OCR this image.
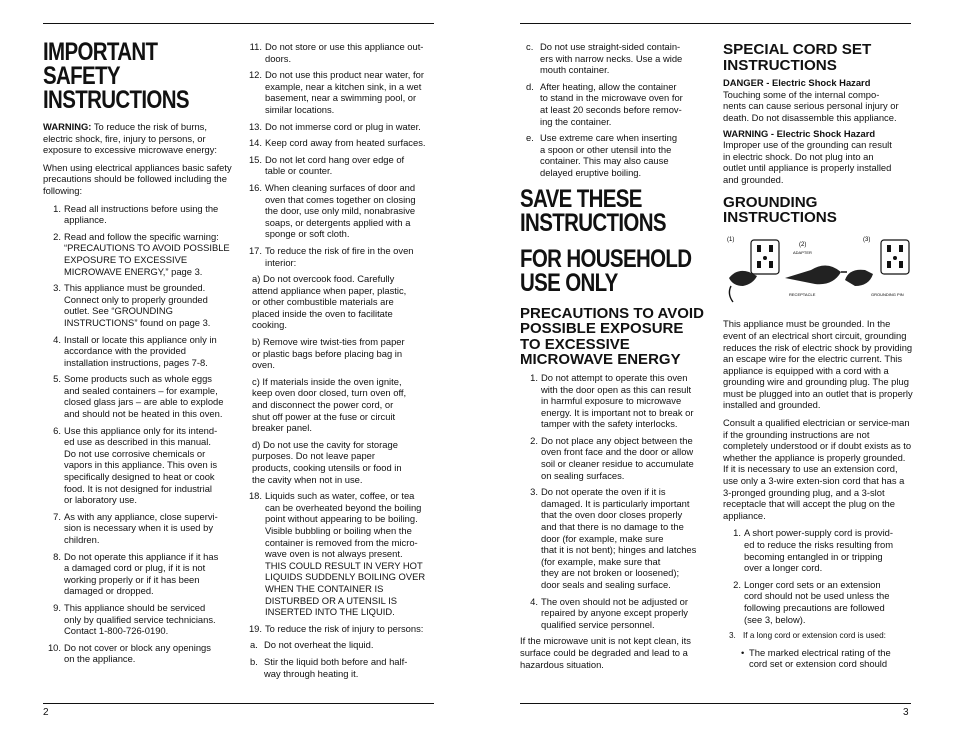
IMPORTANT
SAFETY
INSTRUCTIONS

WARNING: To reduce the risk of burns, electric shock, fire, injury to persons, or exposure to excessive microwave energy:

When using electrical appliances basic safety precautions should be followed including the following:

1. Read all instructions before using the
appliance.
2. Read and follow the specific warning:
“PRECAUTIONS TO AVOID POSSIBLE
EXPOSURE TO EXCESSIVE
MICROWAVE ENERGY,” page 3.
3. This appliance must be grounded.
Connect only to properly grounded
outlet. See “GROUNDING
INSTRUCTIONS” found on page 3.
4. Install or locate this appliance only in
accordance with the provided
installation instructions, pages 7-8.
5. Some products such as whole eggs
and sealed containers – for example,
closed glass jars – are able to explode
and should not be heated in this oven.
6. Use this appliance only for its intend-
ed use as described in this manual.
Do not use corrosive chemicals or
vapors in this appliance. This oven is
specifically designed to heat or cook
food. It is not designed for industrial
or laboratory use.
7. As with any appliance, close supervi-
sion is necessary when it is used by
children.
8. Do not operate this appliance if it has
a damaged cord or plug, if it is not
working properly or if it has been
damaged or dropped.
9. This appliance should be serviced
only by qualified service technicians.
Contact 1-800-726-0190.
10. Do not cover or block any openings
on the appliance.
11. Do not store or use this appliance out-
doors.
12. Do not use this product near water, for
example, near a kitchen sink, in a wet
basement, near a swimming pool, or
similar locations.
13. Do not immerse cord or plug in water.
14. Keep cord away from heated surfaces.
15. Do not let cord hang over edge of
table or counter.
16. When cleaning surfaces of door and
oven that comes together on closing
the door, use only mild, nonabrasive
soaps, or detergents applied with a
sponge or soft cloth.
17. To reduce the risk of fire in the oven
interior:
a) Do not overcook food. Carefully
attend appliance when paper, plastic,
or other combustible materials are
placed inside the oven to facilitate
cooking.
b) Remove wire twist-ties from paper
or plastic bags before placing bag in
oven.
c) If materials inside the oven ignite,
keep oven door closed, turn oven off,
and disconnect the power cord, or
shut off power at the fuse or circuit
breaker panel.
d) Do not use the cavity for storage
purposes. Do not leave paper
products, cooking utensils or food in
the cavity when not in use.
18. Liquids such as water, coffee, or tea
can be overheated beyond the boiling
point without appearing to be boiling.
Visible bubbling or boiling when the
container is removed from the micro-
wave oven is not always present.
THIS COULD RESULT IN VERY HOT
LIQUIDS SUDDENLY BOILING OVER
WHEN THE CONTAINER IS
DISTURBED OR A UTENSIL IS
INSERTED INTO THE LIQUID.
19. To reduce the risk of injury to persons:
a. Do not overheat the liquid.
b. Stir the liquid both before and half-
way through heating it.
2
c. Do not use straight-sided contain-
ers with narrow necks. Use a wide
mouth container.
d. After heating, allow the container
to stand in the microwave oven for
at least 20 seconds before remov-
ing the container.
e. Use extreme care when inserting
a spoon or other utensil into the
container. This may also cause
delayed eruptive boiling.
SAVE THESE
INSTRUCTIONS
FOR HOUSEHOLD
USE ONLY
PRECAUTIONS TO AVOID
POSSIBLE EXPOSURE
TO EXCESSIVE
MICROWAVE ENERGY
1. Do not attempt to operate this oven
with the door open as this can result
in harmful exposure to microwave
energy. It is important not to break or
tamper with the safety interlocks.
2. Do not place any object between the
oven front face and the door or allow
soil or cleaner residue to accumulate
on sealing surfaces.
3. Do not operate the oven if it is
damaged. It is particularly important
that the oven door closes properly
and that there is no damage to the
door (for example, make sure
that it is not bent); hinges and latches
(for example, make sure that
they are not broken or loosened);
door seals and sealing surface.
4. The oven should not be adjusted or
repaired by anyone except properly
qualified service personnel.

If the microwave unit is not kept clean, its surface could be degraded and lead to a hazardous situation.

SPECIAL CORD SET
INSTRUCTIONS
DANGER - Electric Shock Hazard
Touching some of the internal compo-
nents can cause serious personal injury or
death. Do not disassemble this appliance.
WARNING - Electric Shock Hazard
Improper use of the grounding can result
in electric shock. Do not plug into an
outlet until appliance is properly installed
and grounded.
GROUNDING
INSTRUCTIONS
(1)
(2)
ADAPTER
RECEPTACLE
(3)
GROUNDING PIN

This appliance must be grounded. In the event of an electrical short circuit, grounding reduces the risk of electric shock by providing an escape wire for the electric current. This appliance is equipped with a cord with a grounding wire and grounding plug. The plug must be plugged into an outlet that is properly installed and grounded.

Consult a qualified electrician or service-man if the grounding instructions are not completely understood or if doubt exists as to whether the appliance is properly grounded. If it is necessary to use an extension cord, use only a 3-wire exten-sion cord that has a 3-pronged grounding plug, and a 3-slot receptacle that will accept the plug on the appliance.

1. A short power-supply cord is provid-
ed to reduce the risks resulting from
becoming entangled in or tripping
over a longer cord.
2. Longer cord sets or an extension
cord should not be used unless the
following precautions are followed
(see 3, below).
3. If a long cord or extension cord is used:
• The marked electrical rating of the
cord set or extension cord should
3
